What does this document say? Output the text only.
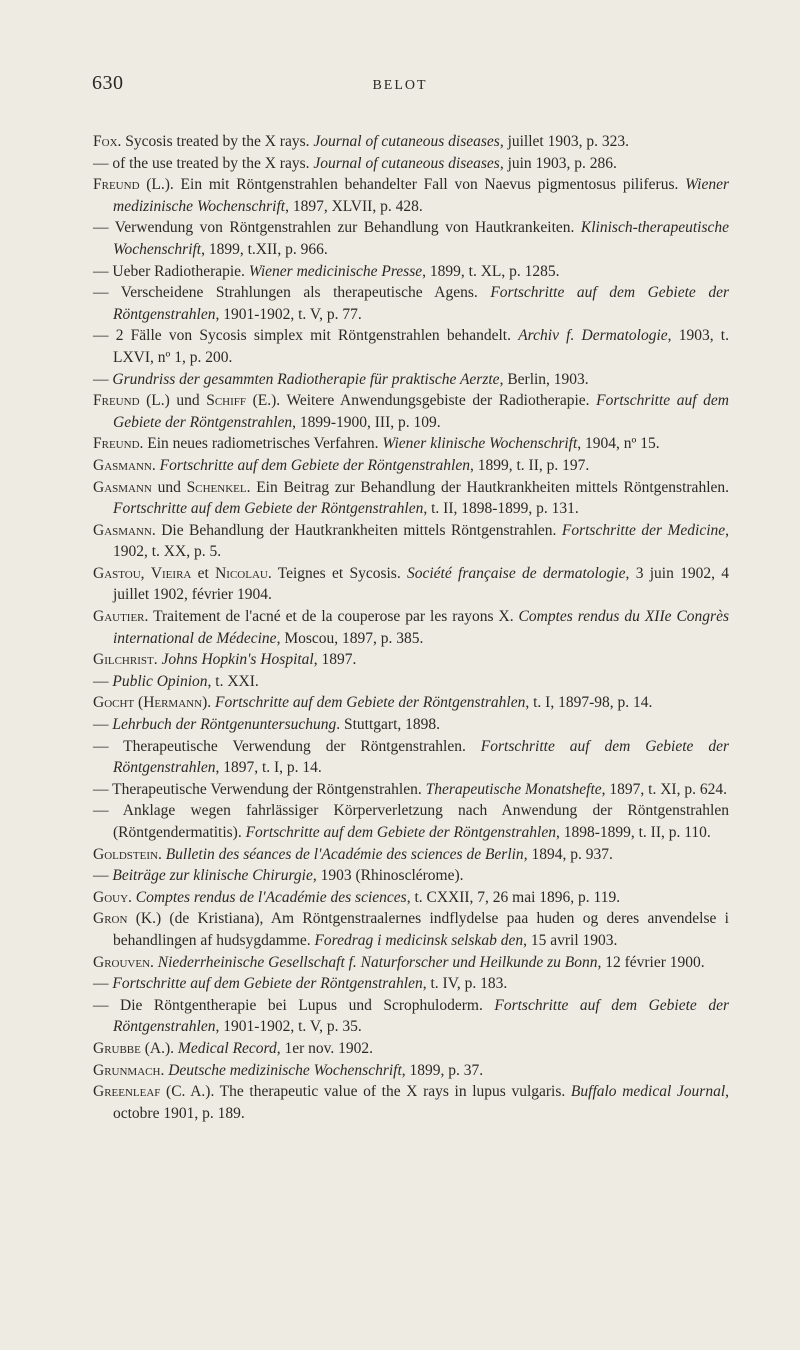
630	BELOT
Fox. Sycosis treated by the X rays. Journal of cutaneous diseases, juillet 1903, p. 323.
— of the use treated by the X rays. Journal of cutaneous diseases, juin 1903, p. 286.
Freund (L.). Ein mit Röntgenstrahlen behandelter Fall von Naevus pigmentosus piliferus. Wiener medizinische Wochenschrift, 1897, XLVII, p. 428.
— Verwendung von Röntgenstrahlen zur Behandlung von Hautkrankeiten. Klinisch-therapeutische Wochenschrift, 1899, t.XII, p. 966.
— Ueber Radiotherapie. Wiener medicinische Presse, 1899, t. XL, p. 1285.
— Verscheidene Strahlungen als therapeutische Agens. Fortschritte auf dem Gebiete der Röntgenstrahlen, 1901-1902, t. V, p. 77.
— 2 Fälle von Sycosis simplex mit Röntgenstrahlen behandelt. Archiv f. Dermatologie, 1903, t. LXVI, nº 1, p. 200.
— Grundriss der gesammten Radiotherapie für praktische Aerzte, Berlin, 1903.
Freund (L.) und Schiff (E.). Weitere Anwendungsgebiste der Radiotherapie. Fortschritte auf dem Gebiete der Röntgenstrahlen, 1899-1900, III, p. 109.
Freund. Ein neues radiometrisches Verfahren. Wiener klinische Wochenschrift, 1904, nº 15.
Gasmann. Fortschritte auf dem Gebiete der Röntgenstrahlen, 1899, t. II, p. 197.
Gasmann und Schenkel. Ein Beitrag zur Behandlung der Hautkrankheiten mittels Röntgenstrahlen. Fortschritte auf dem Gebiete der Röntgenstrahlen, t. II, 1898-1899, p. 131.
Gasmann. Die Behandlung der Hautkrankheiten mittels Röntgenstrahlen. Fortschritte der Medicine, 1902, t. XX, p. 5.
Gastou, Vieira et Nicolau. Teignes et Sycosis. Société française de dermatologie, 3 juin 1902, 4 juillet 1902, février 1904.
Gautier. Traitement de l'acné et de la couperose par les rayons X. Comptes rendus du XIIe Congrès international de Médecine, Moscou, 1897, p. 385.
Gilchrist. Johns Hopkin's Hospital, 1897.
— Public Opinion, t. XXI.
Gocht (Hermann). Fortschritte auf dem Gebiete der Röntgenstrahlen, t. I, 1897-98, p. 14.
— Lehrbuch der Röntgenuntersuchung. Stuttgart, 1898.
— Therapeutische Verwendung der Röntgenstrahlen. Fortschritte auf dem Gebiete der Röntgenstrahlen, 1897, t. I, p. 14.
— Therapeutische Verwendung der Röntgenstrahlen. Therapeutische Monatshefte, 1897, t. XI, p. 624.
— Anklage wegen fahrlässiger Körperverletzung nach Anwendung der Röntgenstrahlen (Röntgendermatitis). Fortschritte auf dem Gebiete der Röntgenstrahlen, 1898-1899, t. II, p. 110.
Goldstein. Bulletin des séances de l'Académie des sciences de Berlin, 1894, p. 937.
— Beiträge zur klinische Chirurgie, 1903 (Rhinosclérome).
Gouy. Comptes rendus de l'Académie des sciences, t. CXXII, 7, 26 mai 1896, p. 119.
Gron (K.) (de Kristiana), Am Röntgenstraalernes indflydelse paa huden og deres anvendelse i behandlingen af hudsygdamme. Foredrag i medicinsk selskab den, 15 avril 1903.
Grouven. Niederrheinische Gesellschaft f. Naturforscher und Heilkunde zu Bonn, 12 février 1900.
— Fortschritte auf dem Gebiete der Röntgenstrahlen, t. IV, p. 183.
— Die Röntgentherapie bei Lupus und Scrophuloderm. Fortschritte auf dem Gebiete der Röntgenstrahlen, 1901-1902, t. V, p. 35.
Grubbe (A.). Medical Record, 1er nov. 1902.
Grunmach. Deutsche medizinische Wochenschrift, 1899, p. 37.
Greenleaf (C. A.). The therapeutic value of the X rays in lupus vulgaris. Buffalo medical Journal, octobre 1901, p. 189.
